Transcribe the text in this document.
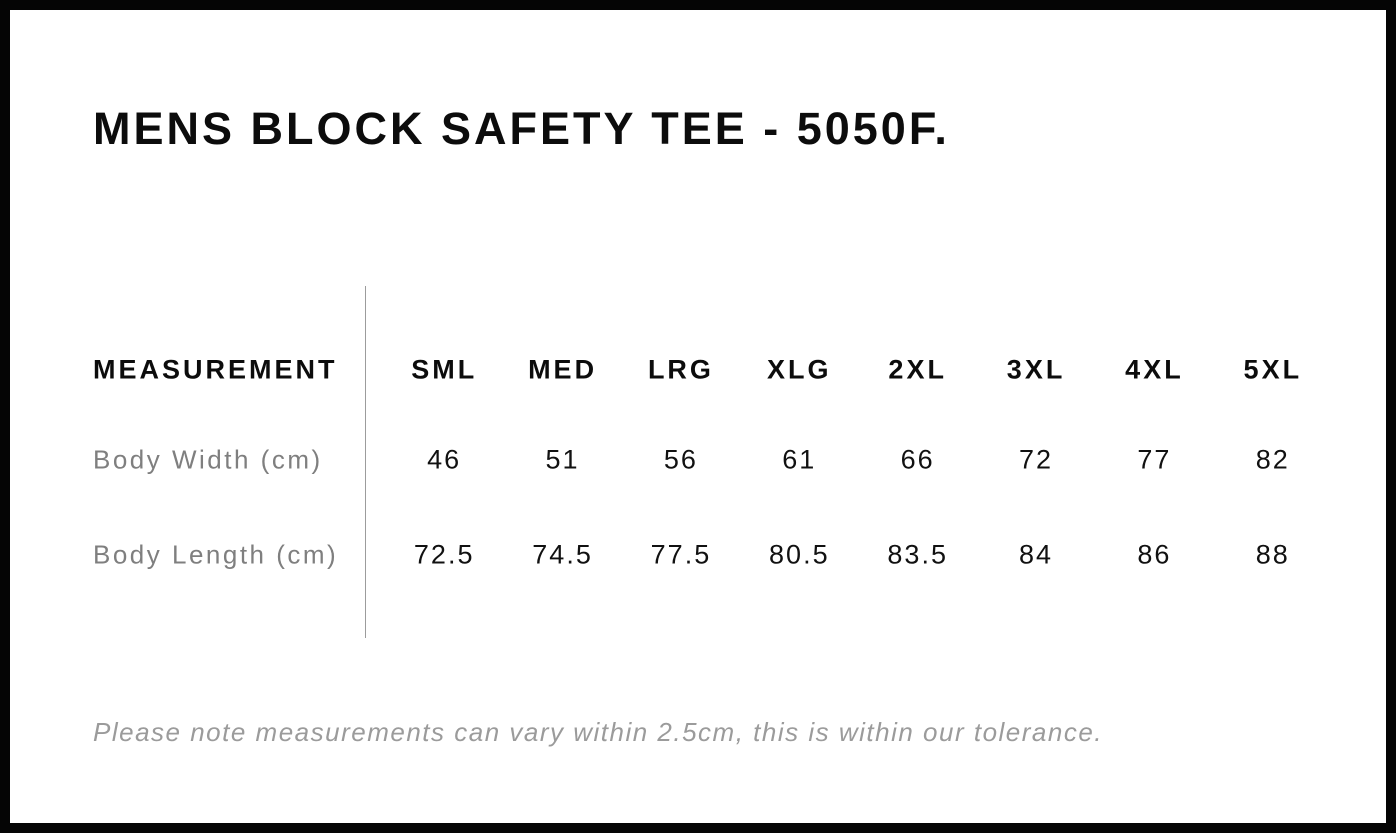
MENS BLOCK SAFETY TEE - 5050F.
MEASUREMENT	SML	MED	LRG	XLG	2XL	3XL	4XL	5XL
Body Width (cm)	46	51	56	61	66	72	77	82
Body Length (cm)	72.5	74.5	77.5	80.5	83.5	84	86	88

Please note measurements can vary within 2.5cm, this is within our tolerance.
